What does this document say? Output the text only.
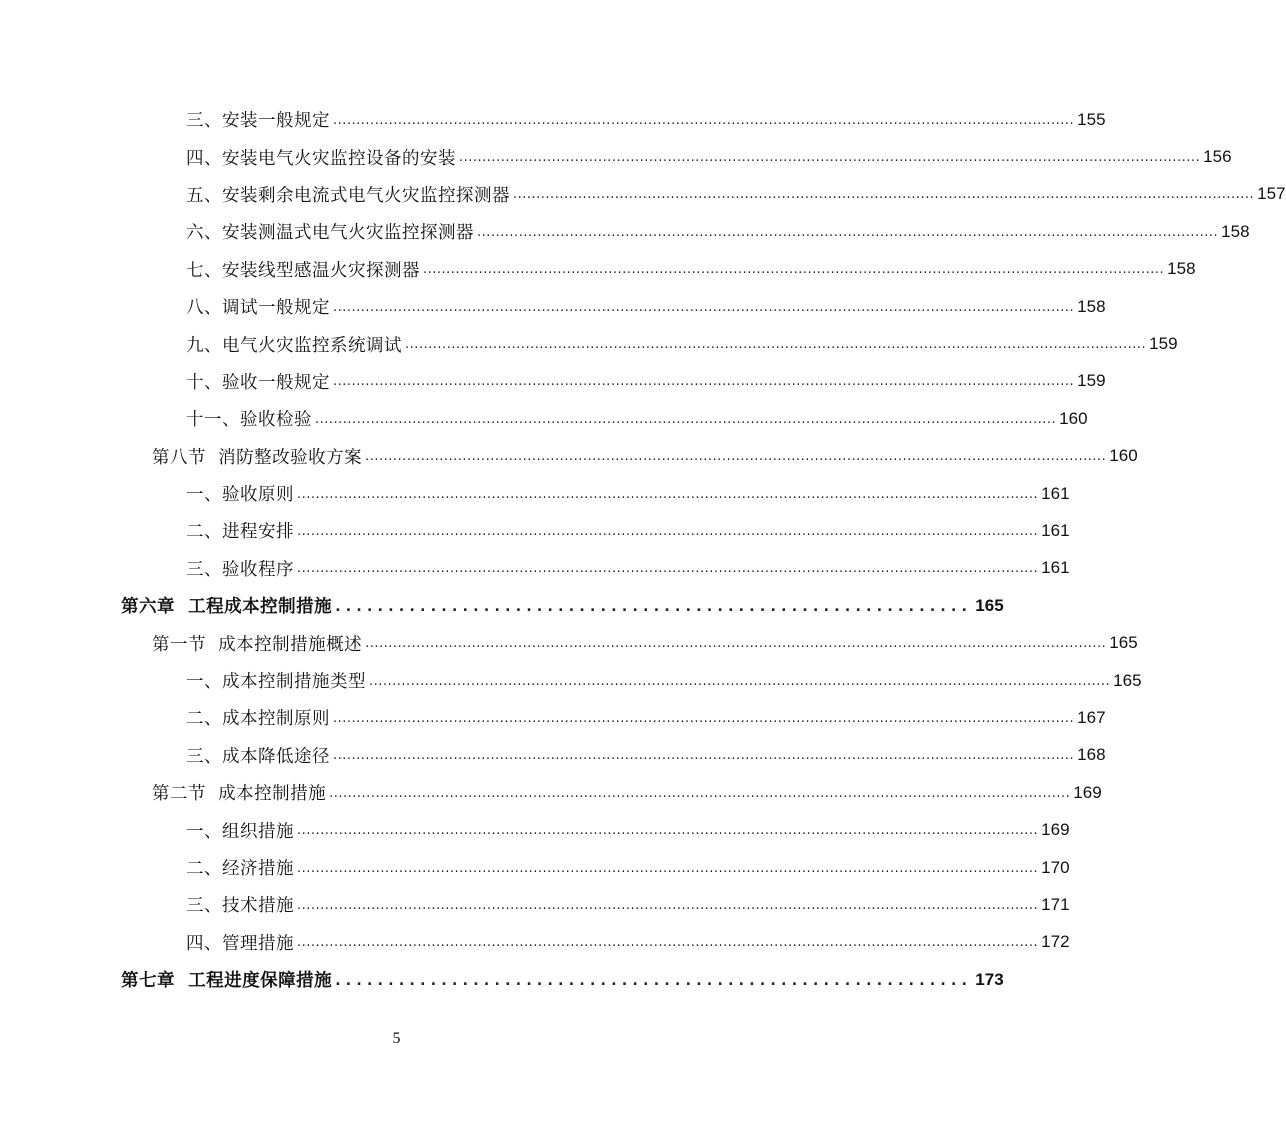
三、安装一般规定 ................................................................................................................................................................ 155
四、安装电气火灾监控设备的安装 ................................................................................................................................................................ 156
五、安装剩余电流式电气火灾监控探测器 ................................................................................................................................................................ 157
六、安装测温式电气火灾监控探测器 ................................................................................................................................................................ 158
七、安装线型感温火灾探测器 ................................................................................................................................................................ 158
八、调试一般规定 ................................................................................................................................................................ 158
九、电气火灾监控系统调试 ................................................................................................................................................................ 159
十、验收一般规定 ................................................................................................................................................................ 159
十一、验收检验 ................................................................................................................................................................ 160
第八节  消防整改验收方案 ................................................................................................................................................................ 160
一、验收原则 ................................................................................................................................................................ 161
二、进程安排 ................................................................................................................................................................ 161
三、验收程序 ................................................................................................................................................................ 161
第六章  工程成本控制措施 ............................................................ 165
第一节  成本控制措施概述 ................................................................................................................................................................ 165
一、成本控制措施类型 ................................................................................................................................................................ 165
二、成本控制原则 ................................................................................................................................................................ 167
三、成本降低途径 ................................................................................................................................................................ 168
第二节  成本控制措施 ................................................................................................................................................................ 169
一、组织措施 ................................................................................................................................................................ 169
二、经济措施 ................................................................................................................................................................ 170
三、技术措施 ................................................................................................................................................................ 171
四、管理措施 ................................................................................................................................................................ 172
第七章  工程进度保障措施 ............................................................ 173
5
